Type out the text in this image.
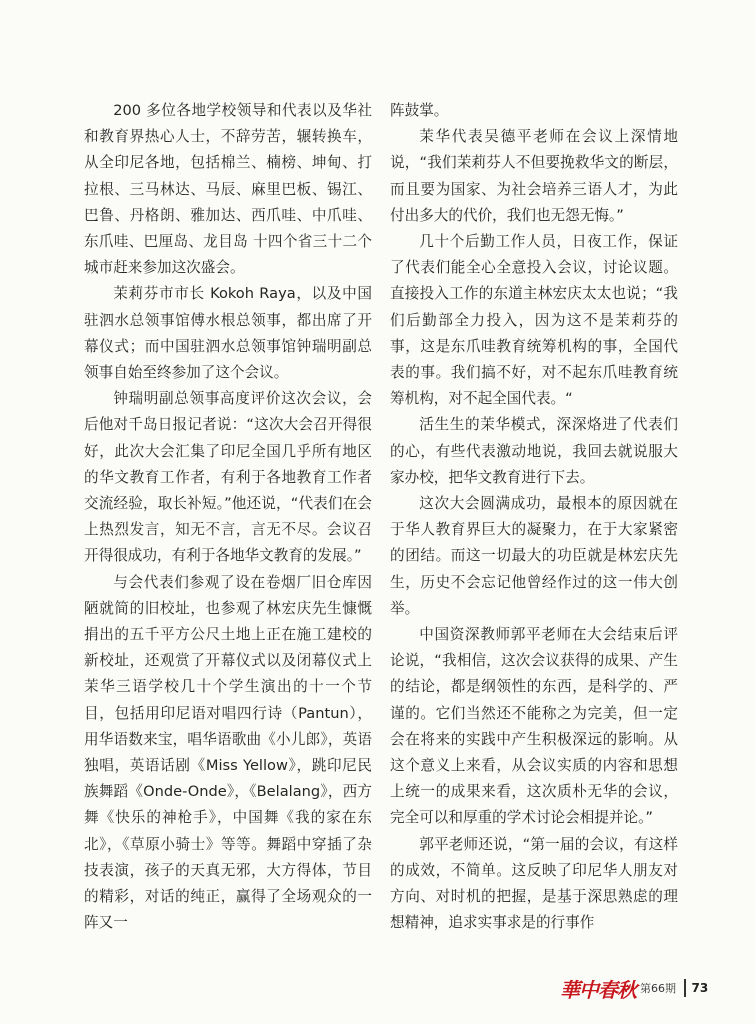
200 多位各地学校领导和代表以及华社和教育界热心人士，不辞劳苦，辗转换车，从全印尼各地，包括棉兰、楠榜、坤甸、打拉根、三马林达、马辰、麻里巴板、锡江、巴鲁、丹格朗、雅加达、西爪哇、中爪哇、东爪哇、巴厘岛、龙目岛 十四个省三十二个城市赶来参加这次盛会。

茉莉芬市市长 Kokoh Raya，以及中国驻泗水总领事馆傅水根总领事，都出席了开幕仪式；而中国驻泗水总领事馆钟瑞明副总领事自始至终参加了这个会议。

钟瑞明副总领事高度评价这次会议，会后他对千岛日报记者说：“这次大会召开得很好，此次大会汇集了印尼全国几乎所有地区的华文教育工作者，有利于各地教育工作者交流经验，取长补短。”他还说，“代表们在会上热烈发言，知无不言，言无不尽。会议召开得很成功，有利于各地华文教育的发展。”

与会代表们参观了设在卷烟厂旧仓库因陋就简的旧校址，也参观了林宏庆先生慷慨捐出的五千平方公尺土地上正在施工建校的新校址，还观赏了开幕仪式以及闭幕仪式上茉华三语学校几十个学生演出的十一个节目，包括用印尼语对唱四行诗（Pantun），用华语数来宝，唱华语歌曲《小儿郎》，英语独唱，英语话剧《Miss Yellow》，跳印尼民族舞蹈《Onde-Onde》，《Belalang》，西方舞《快乐的神枪手》，中国舞《我的家在东北》，《草原小骑士》等等。舞蹈中穿插了杂技表演，孩子的天真无邪，大方得体，节目的精彩，对话的纯正，赢得了全场观众的一阵又一

阵鼓掌。

茉华代表吴德平老师在会议上深情地说，“我们茉莉芬人不但要挽救华文的断层，而且要为国家、为社会培养三语人才，为此付出多大的代价，我们也无怨无悔。”

几十个后勤工作人员，日夜工作，保证了代表们能全心全意投入会议，讨论议题。直接投入工作的东道主林宏庆太太也说；“我们后勤部全力投入，因为这不是茉莉芬的事，这是东爪哇教育统筹机构的事，全国代表的事。我们搞不好，对不起东爪哇教育统筹机构，对不起全国代表。“

活生生的茉华模式，深深烙进了代表们的心，有些代表激动地说，我回去就说服大家办校，把华文教育进行下去。

这次大会圆满成功，最根本的原因就在于华人教育界巨大的凝聚力，在于大家紧密的团结。而这一切最大的功臣就是林宏庆先生，历史不会忘记他曾经作过的这一伟大创举。

中国资深教师郭平老师在大会结束后评论说，“我相信，这次会议获得的成果、产生的结论，都是纲领性的东西，是科学的、严谨的。它们当然还不能称之为完美，但一定会在将来的实践中产生积极深远的影响。从这个意义上来看，从会议实质的内容和思想上统一的成果来看，这次质朴无华的会议，完全可以和厚重的学术讨论会相提并论。”

郭平老师还说，“第一届的会议，有这样的成效，不简单。这反映了印尼华人朋友对方向、对时机的把握，是基于深思熟虑的理想精神，追求实事求是的行事作

華中春秋 第66期 73
